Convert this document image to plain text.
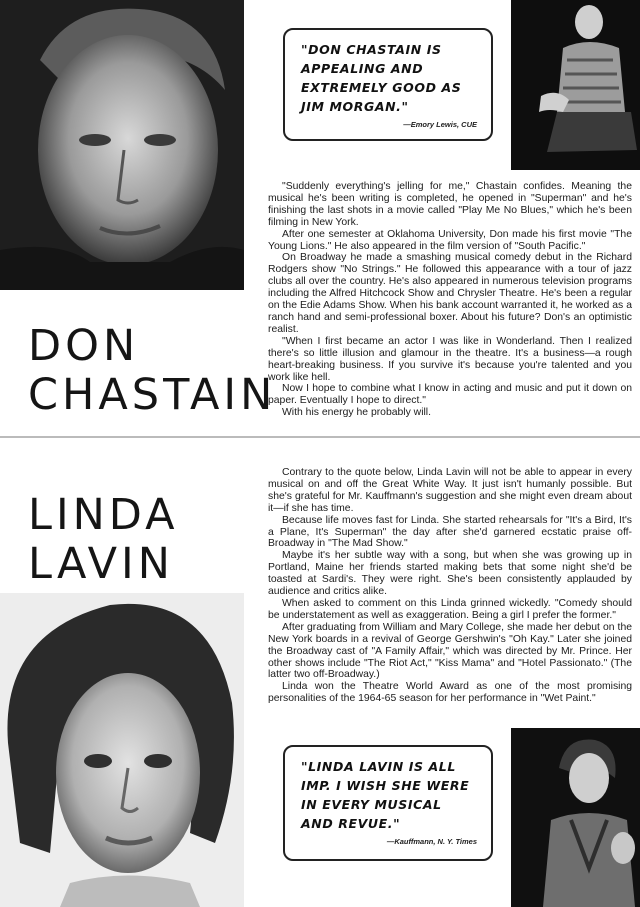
DON
CHASTAIN
"DON CHASTAIN IS APPEALING AND EXTREMELY GOOD AS JIM MORGAN."
—Emory Lewis, CUE

"Suddenly everything's jelling for me," Chastain confides. Meaning the musical he's been writing is completed, he opened in "Superman" and he's finishing the last shots in a movie called "Play Me No Blues," which he's been filming in New York.

After one semester at Oklahoma University, Don made his first movie "The Young Lions." He also appeared in the film version of "South Pacific."

On Broadway he made a smashing musical comedy debut in the Richard Rodgers show "No Strings." He followed this appearance with a tour of jazz clubs all over the country. He's also appeared in numerous television programs including the Alfred Hitchcock Show and Chrysler Theatre. He's been a regular on the Edie Adams Show. When his bank account warranted it, he worked as a ranch hand and semi-professional boxer. About his future? Don's an optimistic realist.

"When I first became an actor I was like in Wonderland. Then I realized there's so little illusion and glamour in the theatre. It's a business—a rough heart-breaking business. If you survive it's because you're talented and you work like hell.

Now I hope to combine what I know in acting and music and put it down on paper. Eventually I hope to direct."

With his energy he probably will.

LINDA
LAVIN

Contrary to the quote below, Linda Lavin will not be able to appear in every musical on and off the Great White Way. It just isn't humanly possible. But she's grateful for Mr. Kauffmann's suggestion and she might even dream about it—if she has time.

Because life moves fast for Linda. She started rehearsals for "It's a Bird, It's a Plane, It's Superman" the day after she'd garnered ecstatic praise off-Broadway in "The Mad Show."

Maybe it's her subtle way with a song, but when she was growing up in Portland, Maine her friends started making bets that some night she'd be toasted at Sardi's. They were right. She's been consistently applauded by audience and critics alike.

When asked to comment on this Linda grinned wickedly. "Comedy should be understatement as well as exaggeration. Being a girl I prefer the former."

After graduating from William and Mary College, she made her debut on the New York boards in a revival of George Gershwin's "Oh Kay." Later she joined the Broadway cast of "A Family Affair," which was directed by Mr. Prince. Her other shows include "The Riot Act," "Kiss Mama" and "Hotel Passionato." (The latter two off-Broadway.)

Linda won the Theatre World Award as one of the most promising personalities of the 1964-65 season for her performance in "Wet Paint."

"LINDA LAVIN IS ALL IMP. I WISH SHE WERE IN EVERY MUSICAL AND REVUE."
—Kauffmann, N. Y. Times
